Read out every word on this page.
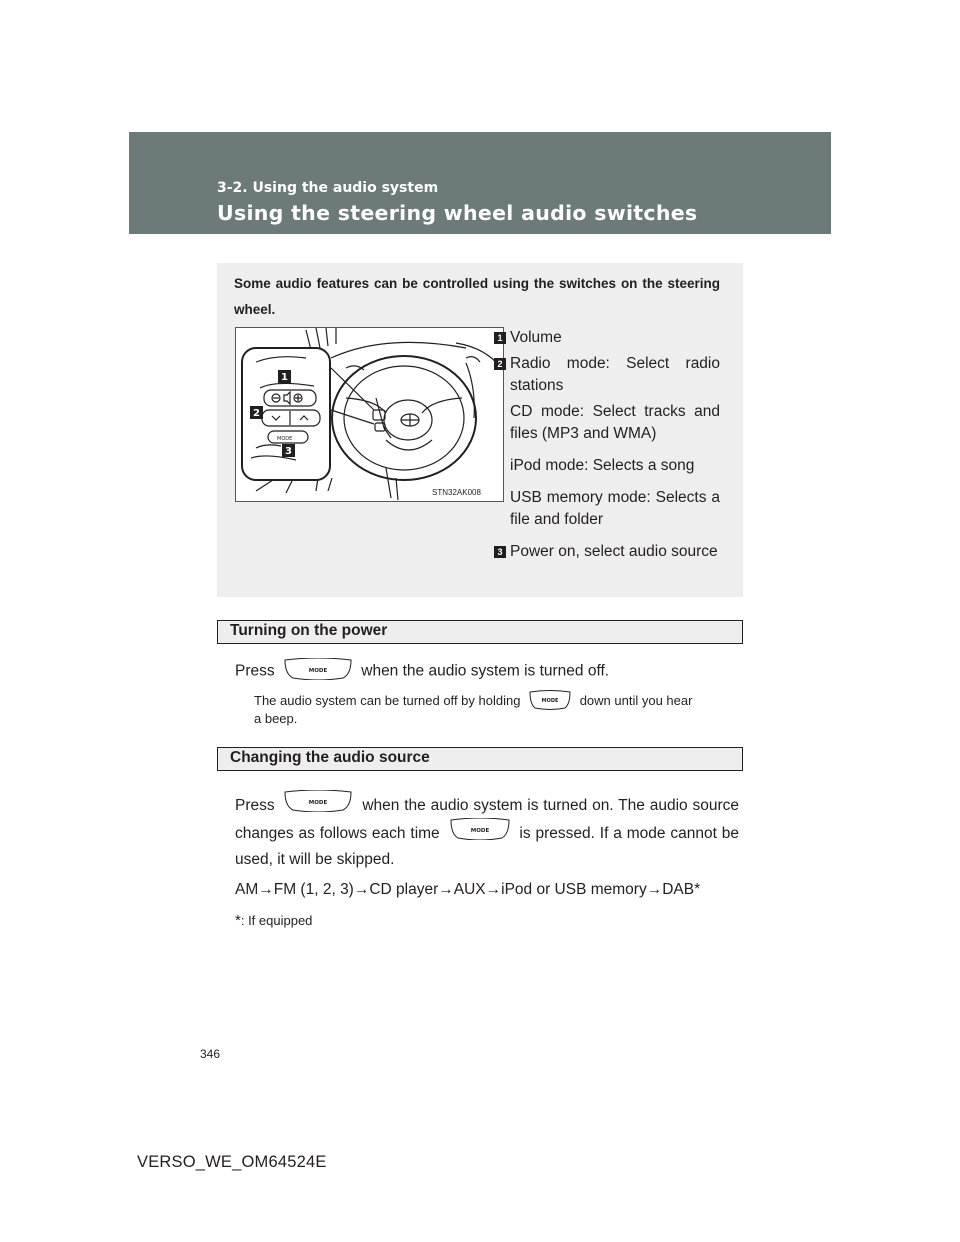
3-2. Using the audio system
Using the steering wheel audio switches
Some audio features can be controlled using the switches on the steering wheel.
MODE
1
2
3
STN32AK008
1 Volume
2 Radio mode: Select radio stations
CD mode: Select tracks and files (MP3 and WMA)
iPod mode: Selects a song
USB memory mode: Selects a file and folder
3 Power on, select audio source
Turning on the power
Press	MODE when the audio system is turned off.
The audio system can be turned off by holding	MODE down until you hear
a beep.
Changing the audio source
Press	MODE when the audio system is turned on. The audio source
changes as follows each time	MODE is pressed. If a mode cannot be
used, it will be skipped.
AM→FM (1, 2, 3)→CD player→AUX→iPod or USB memory→DAB*
*: If equipped
346
VERSO_WE_OM64524E
